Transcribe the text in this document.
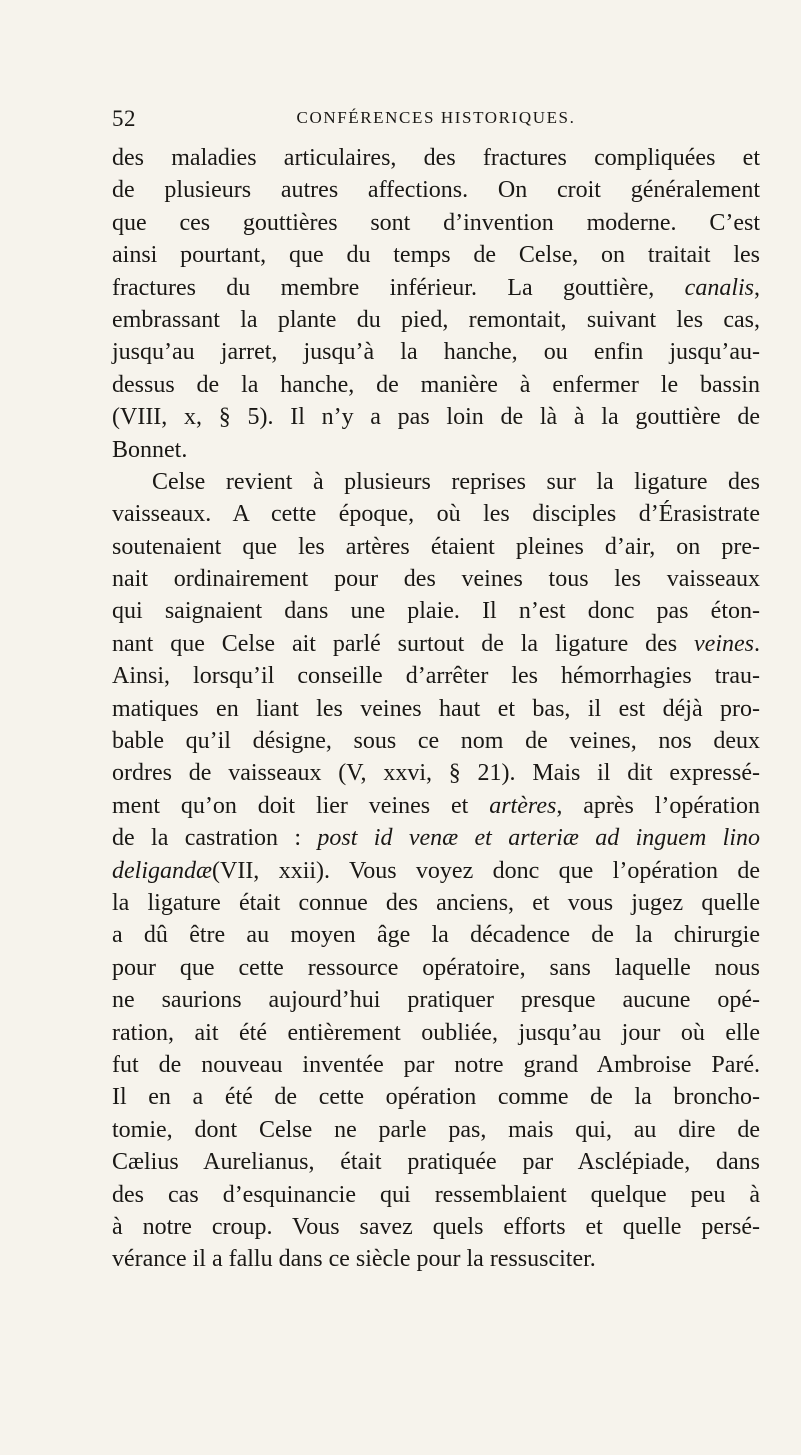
52	CONFÉRENCES HISTORIQUES.
des maladies articulaires, des fractures compliquées et
de plusieurs autres affections. On croit généralement
que ces gouttières sont d’invention moderne. C’est
ainsi pourtant, que du temps de Celse, on traitait les
fractures du membre inférieur. La gouttière, canalis,
embrassant la plante du pied, remontait, suivant les cas,
jusqu’au jarret, jusqu’à la hanche, ou enfin jusqu’au-
dessus de la hanche, de manière à enfermer le bassin
(VIII, x, § 5). Il n’y a pas loin de là à la gouttière de
Bonnet.
Celse revient à plusieurs reprises sur la ligature des
vaisseaux. A cette époque, où les disciples d’Érasistrate
soutenaient que les artères étaient pleines d’air, on pre-
nait ordinairement pour des veines tous les vaisseaux
qui saignaient dans une plaie. Il n’est donc pas éton-
nant que Celse ait parlé surtout de la ligature des veines.
Ainsi, lorsqu’il conseille d’arrêter les hémorrhagies trau-
matiques en liant les veines haut et bas, il est déjà pro-
bable qu’il désigne, sous ce nom de veines, nos deux
ordres de vaisseaux (V, xxvi, § 21). Mais il dit expressé-
ment qu’on doit lier veines et artères, après l’opération
de la castration : post id venæ et arteriæ ad inguem lino
deligandæ(VII, xxii). Vous voyez donc que l’opération de
la ligature était connue des anciens, et vous jugez quelle
a dû être au moyen âge la décadence de la chirurgie
pour que cette ressource opératoire, sans laquelle nous
ne saurions aujourd’hui pratiquer presque aucune opé-
ration, ait été entièrement oubliée, jusqu’au jour où elle
fut de nouveau inventée par notre grand Ambroise Paré.
Il en a été de cette opération comme de la broncho-
tomie, dont Celse ne parle pas, mais qui, au dire de
Cælius Aurelianus, était pratiquée par Asclépiade, dans
des cas d’esquinancie qui ressemblaient quelque peu à
à notre croup. Vous savez quels efforts et quelle persé-
vérance il a fallu dans ce siècle pour la ressusciter.
